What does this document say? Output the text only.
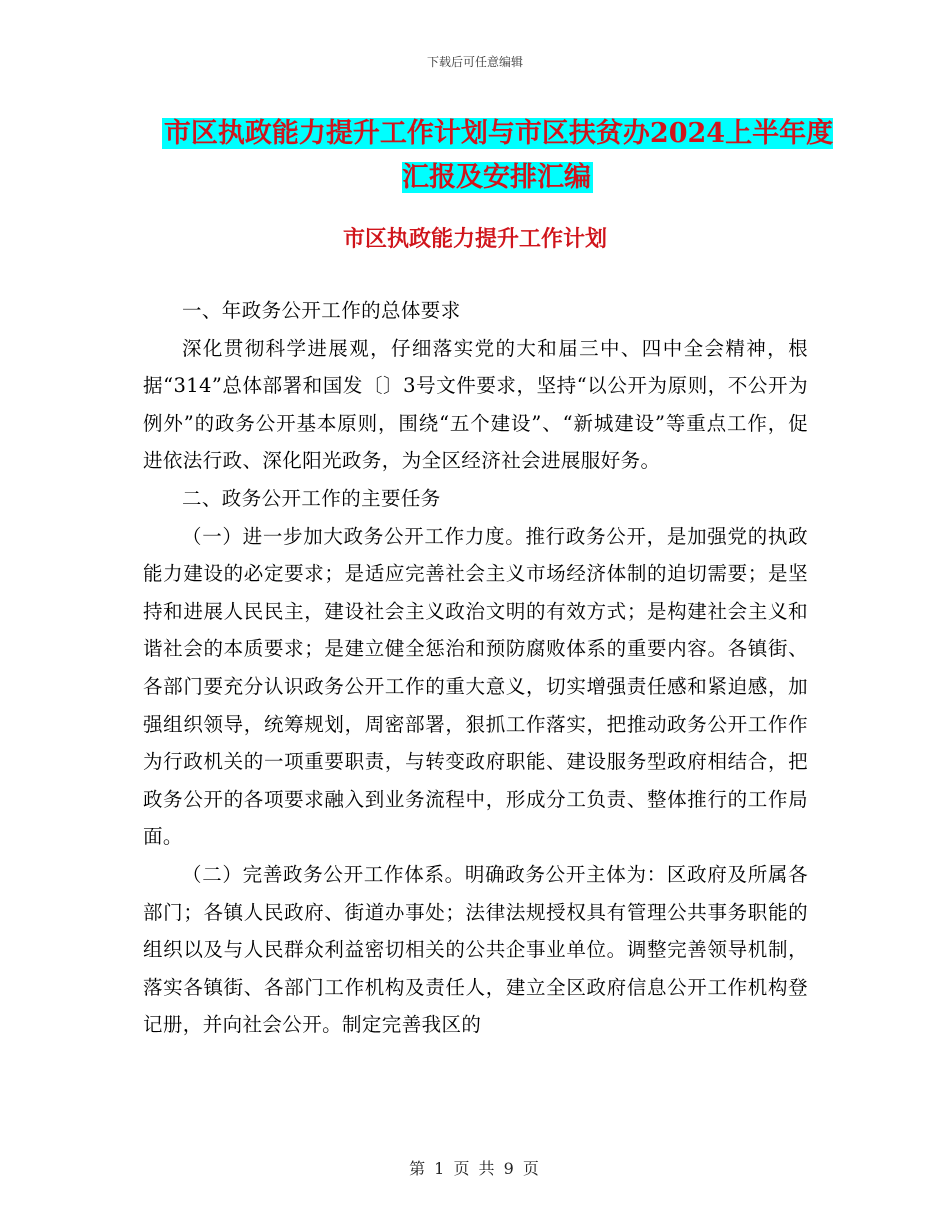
下载后可任意编辑
市区执政能力提升工作计划与市区扶贫办2024上半年度汇报及安排汇编
市区执政能力提升工作计划

一、年政务公开工作的总体要求

深化贯彻科学进展观，仔细落实党的大和届三中、四中全会精神，根据“314”总体部署和国发〔〕3号文件要求，坚持“以公开为原则，不公开为例外”的政务公开基本原则，围绕“五个建设”、“新城建设”等重点工作，促进依法行政、深化阳光政务，为全区经济社会进展服好务。

二、政务公开工作的主要任务

（一）进一步加大政务公开工作力度。推行政务公开，是加强党的执政能力建设的必定要求；是适应完善社会主义市场经济体制的迫切需要；是坚持和进展人民民主，建设社会主义政治文明的有效方式；是构建社会主义和谐社会的本质要求；是建立健全惩治和预防腐败体系的重要内容。各镇街、各部门要充分认识政务公开工作的重大意义，切实增强责任感和紧迫感，加强组织领导，统筹规划，周密部署，狠抓工作落实，把推动政务公开工作作为行政机关的一项重要职责，与转变政府职能、建设服务型政府相结合，把政务公开的各项要求融入到业务流程中，形成分工负责、整体推行的工作局面。

（二）完善政务公开工作体系。明确政务公开主体为：区政府及所属各部门；各镇人民政府、街道办事处；法律法规授权具有管理公共事务职能的组织以及与人民群众利益密切相关的公共企事业单位。调整完善领导机制，落实各镇街、各部门工作机构及责任人，建立全区政府信息公开工作机构登记册，并向社会公开。制定完善我区的

第 1 页 共 9 页
